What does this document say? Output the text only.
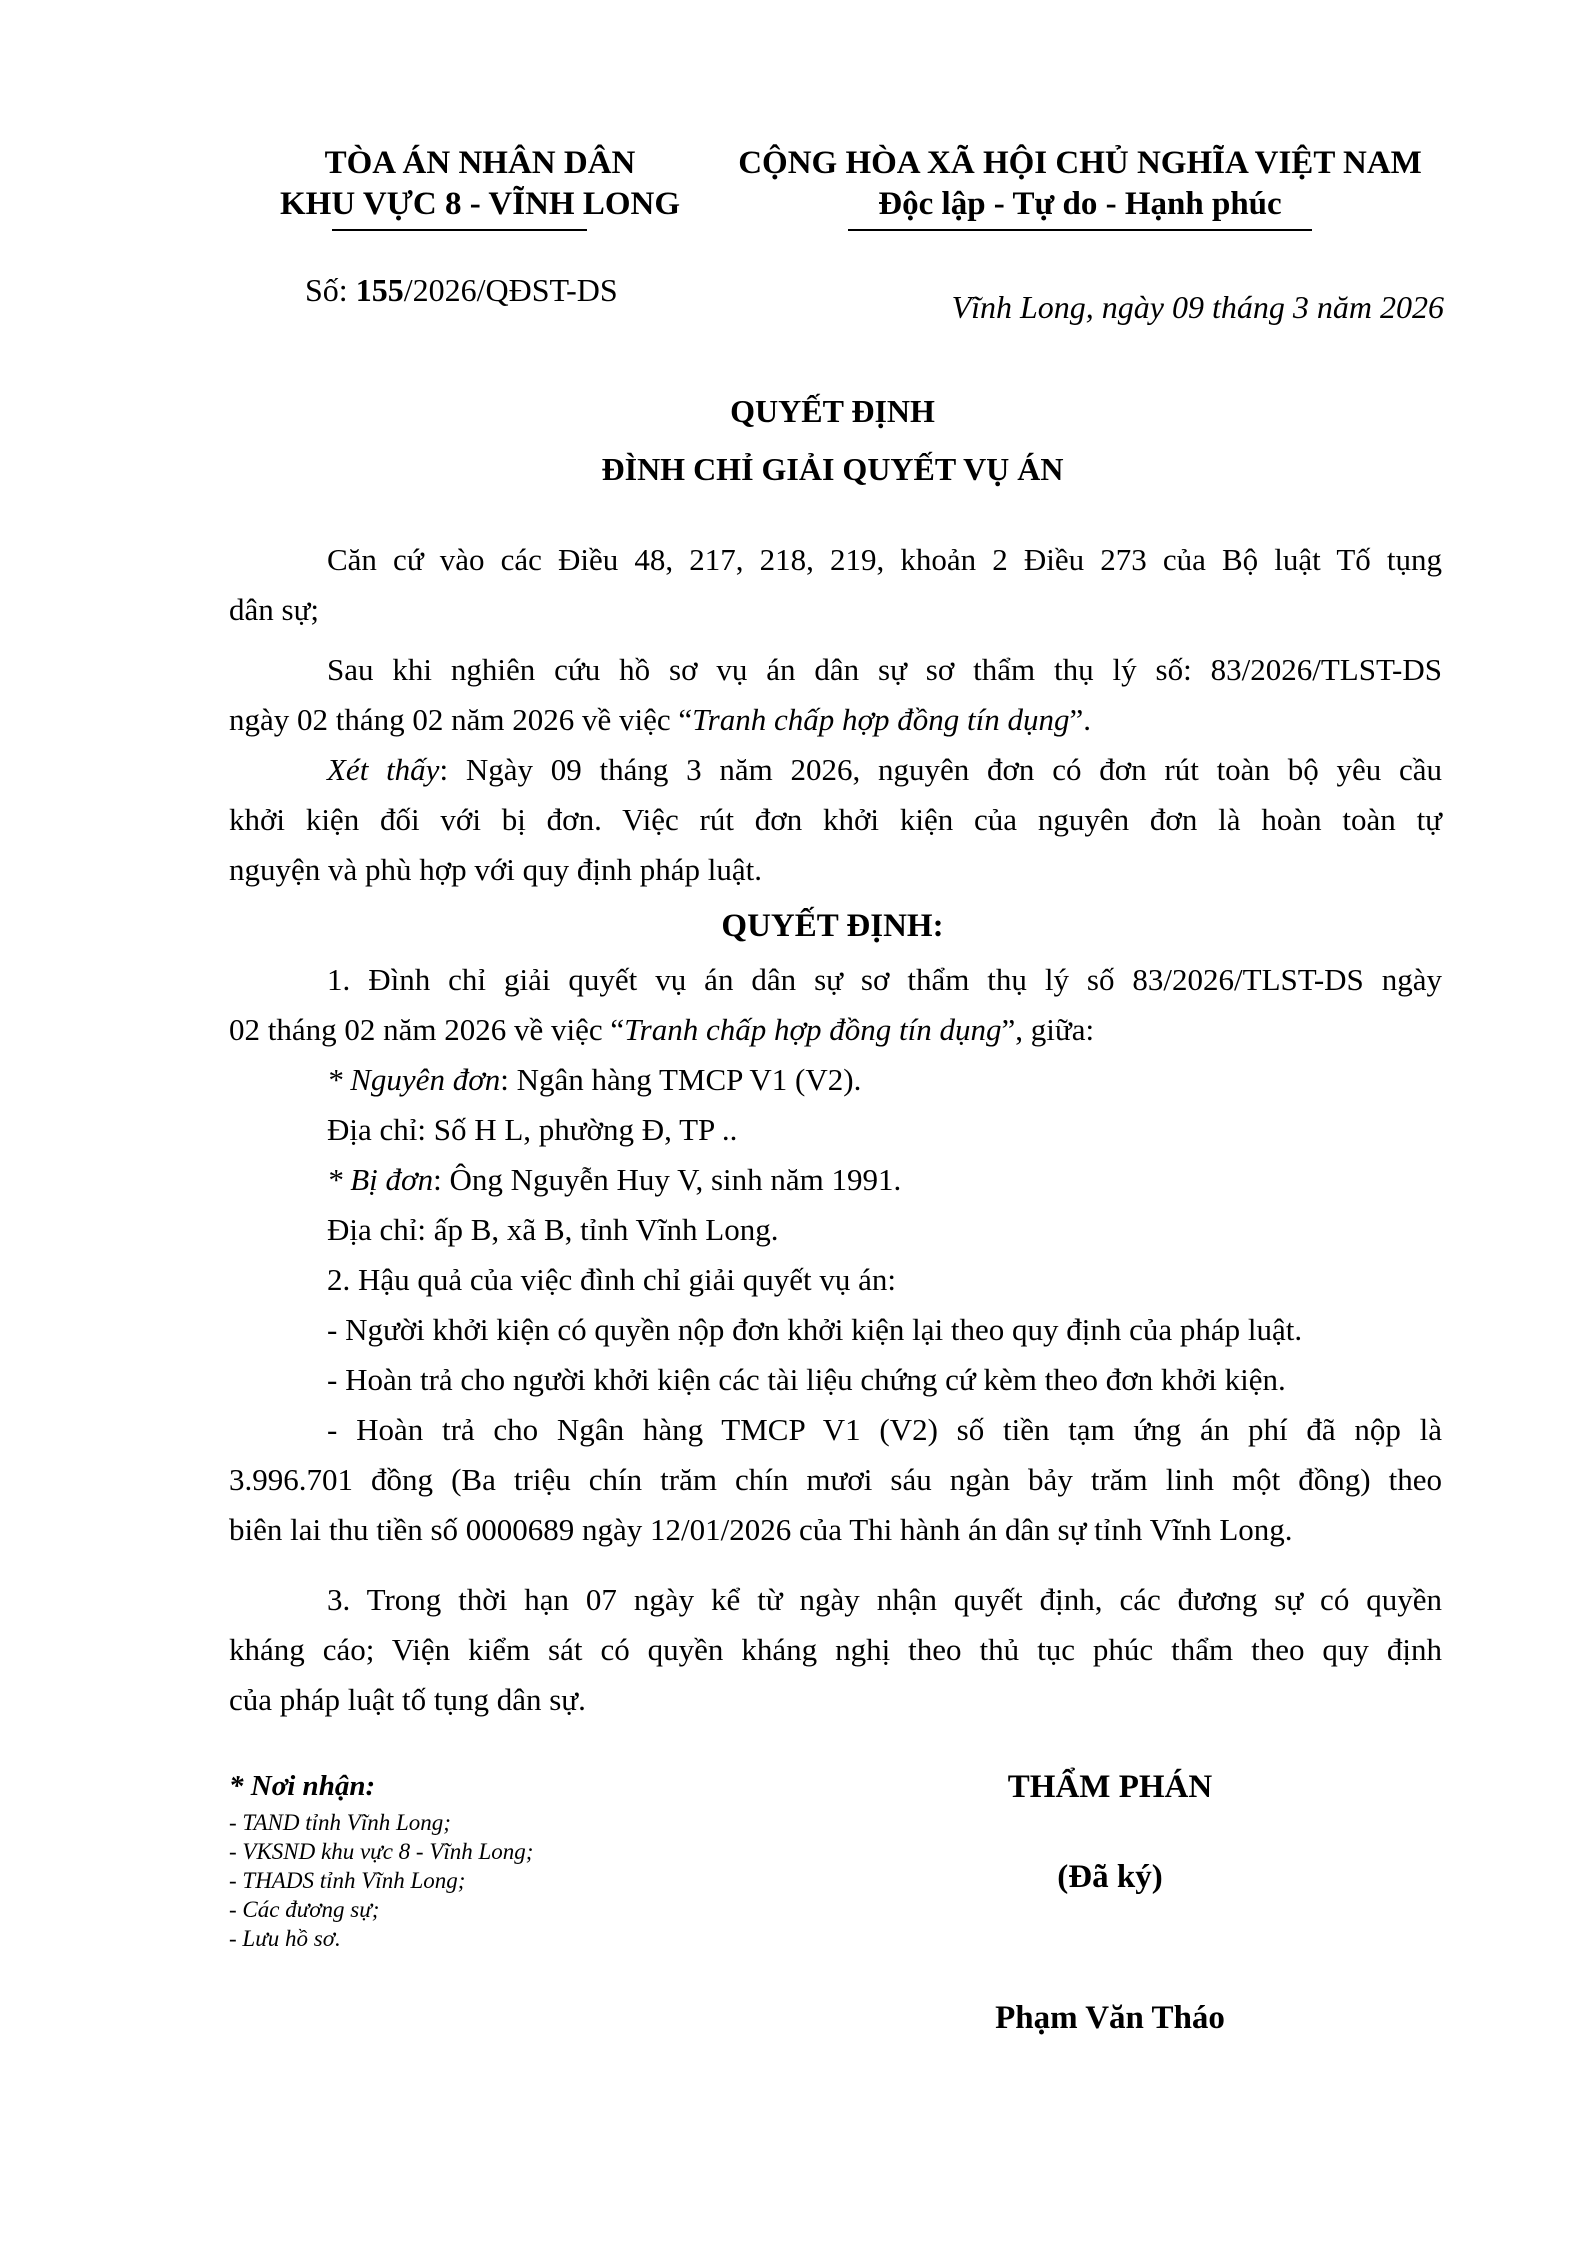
TÒA ÁN NHÂN DÂN
KHU VỰC 8 - VĨNH LONG
Số: 155/2026/QĐST-DS
CỘNG HÒA XÃ HỘI CHỦ NGHĨA VIỆT NAM
Độc lập - Tự do - Hạnh phúc
Vĩnh Long, ngày 09 tháng 3 năm 2026
QUYẾT ĐỊNH
ĐÌNH CHỈ GIẢI QUYẾT VỤ ÁN
Căn cứ vào các Điều 48, 217, 218, 219, khoản 2 Điều 273 của Bộ luật Tố tụng
dân sự;
Sau khi nghiên cứu hồ sơ vụ án dân sự sơ thẩm thụ lý số: 83/2026/TLST-DS
ngày 02 tháng 02 năm 2026 về việc “Tranh chấp hợp đồng tín dụng”.
Xét thấy: Ngày 09 tháng 3 năm 2026, nguyên đơn có đơn rút toàn bộ yêu cầu
khởi kiện đối với bị đơn. Việc rút đơn khởi kiện của nguyên đơn là hoàn toàn tự
nguyện và phù hợp với quy định pháp luật.
QUYẾT ĐỊNH:
1. Đình chỉ giải quyết vụ án dân sự sơ thẩm thụ lý số 83/2026/TLST-DS ngày
02 tháng 02 năm 2026 về việc “Tranh chấp hợp đồng tín dụng”, giữa:
* Nguyên đơn: Ngân hàng TMCP V1 (V2).
Địa chỉ: Số H L, phường Đ, TP ..
* Bị đơn: Ông Nguyễn Huy V, sinh năm 1991.
Địa chỉ: ấp B, xã B, tỉnh Vĩnh Long.
2. Hậu quả của việc đình chỉ giải quyết vụ án:
- Người khởi kiện có quyền nộp đơn khởi kiện lại theo quy định của pháp luật.
- Hoàn trả cho người khởi kiện các tài liệu chứng cứ kèm theo đơn khởi kiện.
- Hoàn trả cho Ngân hàng TMCP V1 (V2) số tiền tạm ứng án phí đã nộp là
3.996.701 đồng (Ba triệu chín trăm chín mươi sáu ngàn bảy trăm linh một đồng) theo
biên lai thu tiền số 0000689 ngày 12/01/2026 của Thi hành án dân sự tỉnh Vĩnh Long.
3. Trong thời hạn 07 ngày kể từ ngày nhận quyết định, các đương sự có quyền
kháng cáo; Viện kiểm sát có quyền kháng nghị theo thủ tục phúc thẩm theo quy định
của pháp luật tố tụng dân sự.
* Nơi nhận:
- TAND tỉnh Vĩnh Long;
- VKSND khu vực 8 - Vĩnh Long;
- THADS tỉnh Vĩnh Long;
- Các đương sự;
- Lưu hồ sơ.
THẨM PHÁN
(Đã ký)
Phạm Văn Tháo
